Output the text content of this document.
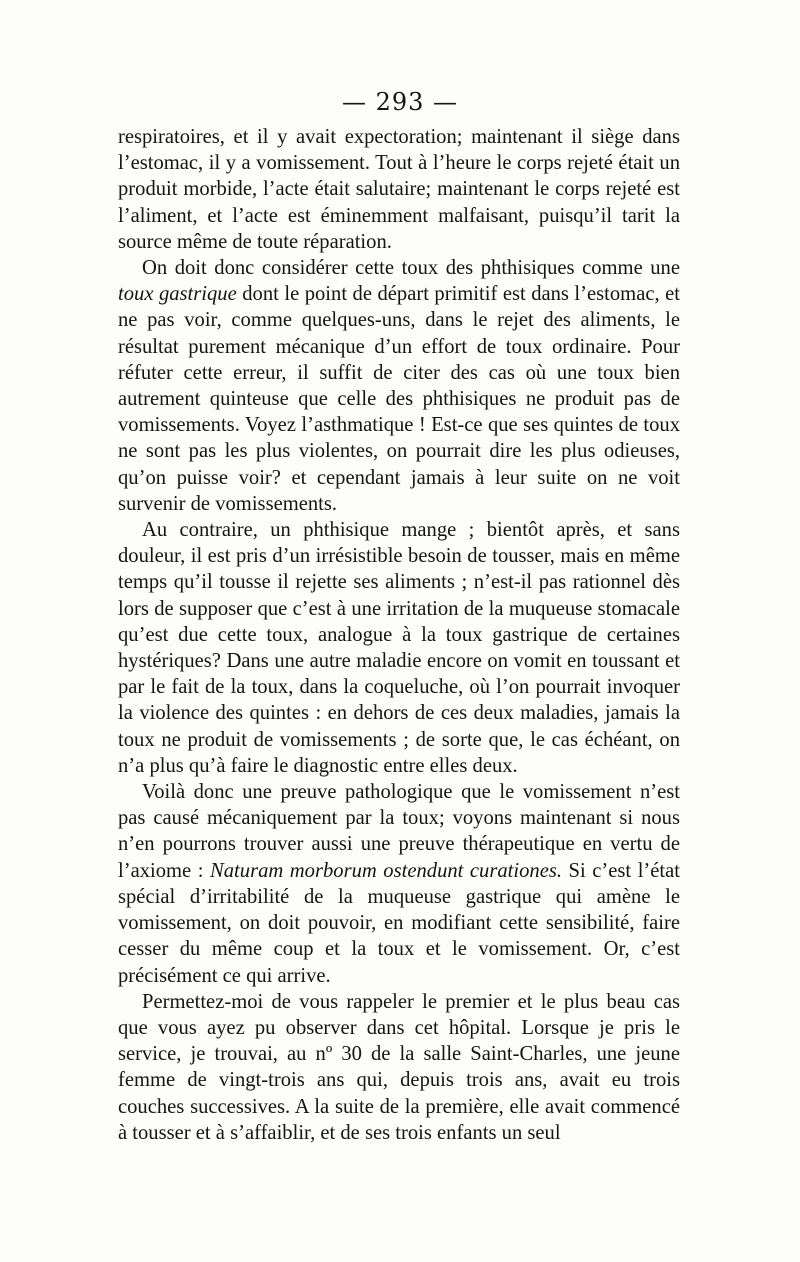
— 293 —

respiratoires, et il y avait expectoration; maintenant il siège dans l’estomac, il y a vomissement. Tout à l’heure le corps rejeté était un produit morbide, l’acte était salutaire; maintenant le corps rejeté est l’aliment, et l’acte est éminemment malfaisant, puisqu’il tarit la source même de toute réparation.

On doit donc considérer cette toux des phthisiques comme une toux gastrique dont le point de départ primitif est dans l’estomac, et ne pas voir, comme quelques-uns, dans le rejet des aliments, le résultat purement mécanique d’un effort de toux ordinaire. Pour réfuter cette erreur, il suffit de citer des cas où une toux bien autrement quinteuse que celle des phthisiques ne produit pas de vomissements. Voyez l’asthmatique ! Est-ce que ses quintes de toux ne sont pas les plus violentes, on pourrait dire les plus odieuses, qu’on puisse voir? et cependant jamais à leur suite on ne voit survenir de vomissements.

Au contraire, un phthisique mange ; bientôt après, et sans douleur, il est pris d’un irrésistible besoin de tousser, mais en même temps qu’il tousse il rejette ses aliments ; n’est-il pas rationnel dès lors de supposer que c’est à une irritation de la muqueuse stomacale qu’est due cette toux, analogue à la toux gastrique de certaines hystériques? Dans une autre maladie encore on vomit en toussant et par le fait de la toux, dans la coqueluche, où l’on pourrait invoquer la violence des quintes : en dehors de ces deux maladies, jamais la toux ne produit de vomissements ; de sorte que, le cas échéant, on n’a plus qu’à faire le diagnostic entre elles deux.

Voilà donc une preuve pathologique que le vomissement n’est pas causé mécaniquement par la toux; voyons maintenant si nous n’en pourrons trouver aussi une preuve thérapeutique en vertu de l’axiome : Naturam morborum ostendunt curationes. Si c’est l’état spécial d’irritabilité de la muqueuse gastrique qui amène le vomissement, on doit pouvoir, en modifiant cette sensibilité, faire cesser du même coup et la toux et le vomissement. Or, c’est précisément ce qui arrive.

Permettez-moi de vous rappeler le premier et le plus beau cas que vous ayez pu observer dans cet hôpital. Lorsque je pris le service, je trouvai, au nº 30 de la salle Saint-Charles, une jeune femme de vingt-trois ans qui, depuis trois ans, avait eu trois couches successives. A la suite de la première, elle avait commencé à tousser et à s’affaiblir, et de ses trois enfants un seul
